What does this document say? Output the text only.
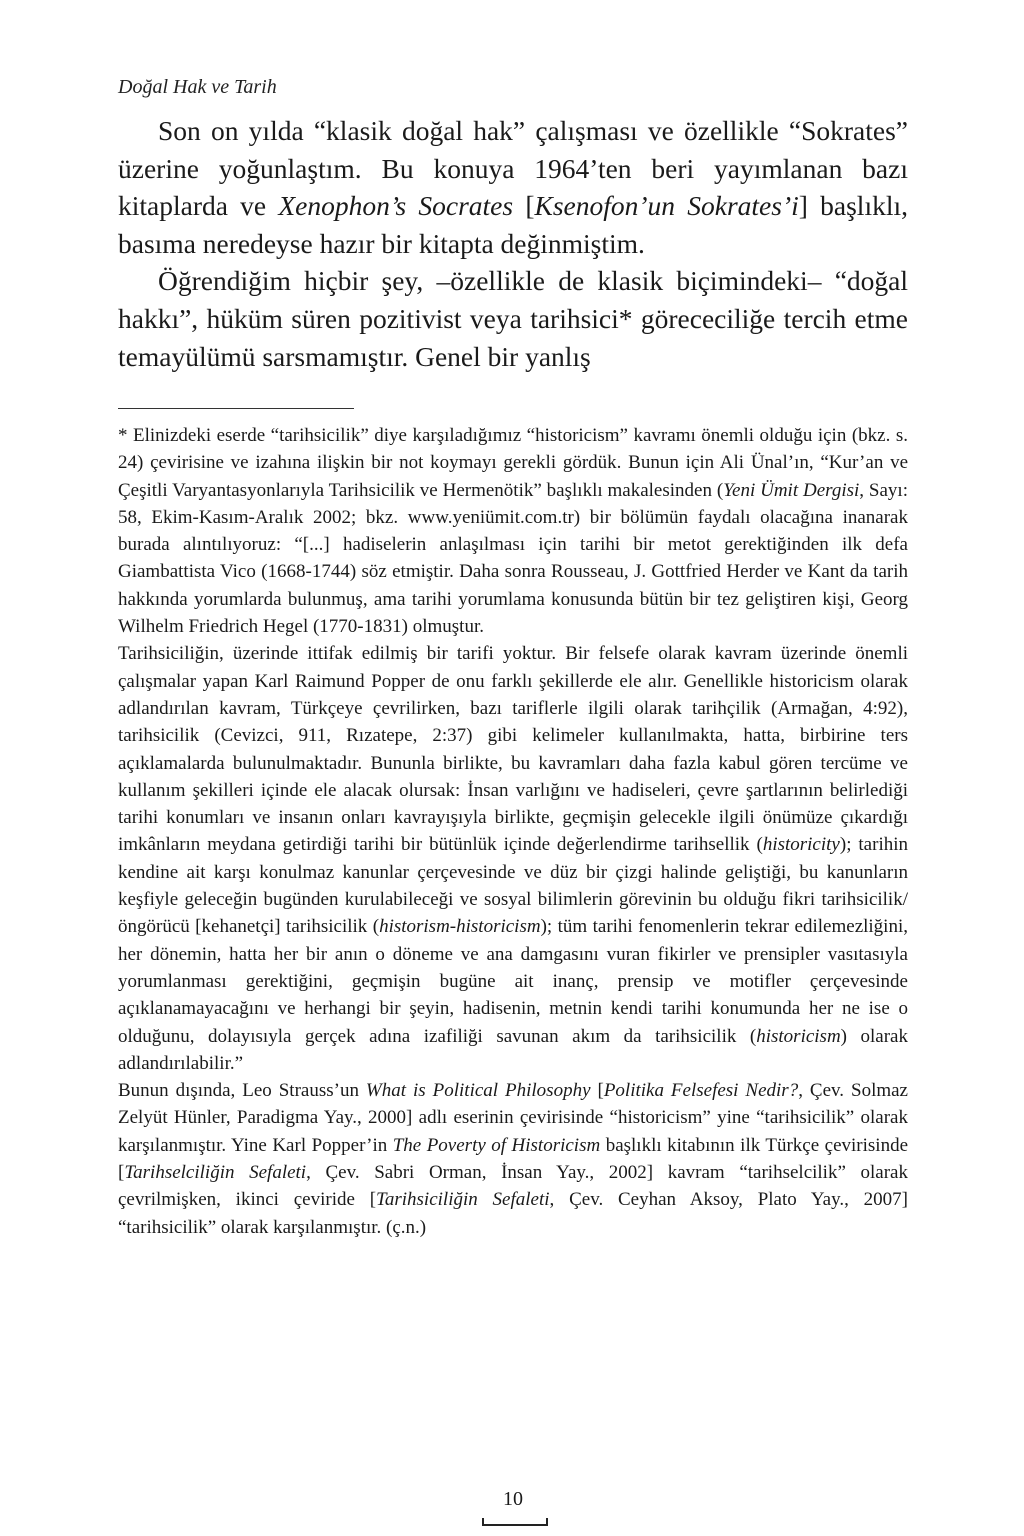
Doğal Hak ve Tarih

Son on yılda “klasik doğal hak” çalışması ve özellikle “Sokrates” üzerine yoğunlaştım. Bu konuya 1964’ten beri yayımlanan bazı kitaplarda ve Xenophon’s Socrates [Ksenofon’un Sokrates’i] başlıklı, basıma neredeyse hazır bir kitapta değinmiştim.

Öğrendiğim hiçbir şey, –özellikle de klasik biçimindeki– “doğal hakkı”, hüküm süren pozitivist veya tarihsici* görececiliğe tercih etme temayülümü sarsmamıştır. Genel bir yanlış

* Elinizdeki eserde “tarihsicilik” diye karşıladığımız “historicism” kavramı önemli olduğu için (bkz. s. 24) çevirisine ve izahına ilişkin bir not koymayı gerekli gördük. Bunun için Ali Ünal’ın, “Kur’an ve Çeşitli Varyantasyonlarıyla Tarihsicilik ve Hermenötik” başlıklı makalesinden (Yeni Ümit Dergisi, Sayı: 58, Ekim-Kasım-Aralık 2002; bkz. www.yeniümit.com.tr) bir bölümün faydalı olacağına inanarak burada alıntılıyoruz: “[...] hadiselerin anlaşılması için tarihi bir metot gerektiğinden ilk defa Giambattista Vico (1668-1744) söz etmiştir. Daha sonra Rousseau, J. Gottfried Herder ve Kant da tarih hakkında yorumlarda bulunmuş, ama tarihi yorumlama konusunda bütün bir tez geliştiren kişi, Georg Wilhelm Friedrich Hegel (1770-1831) olmuştur.

Tarihsiciliğin, üzerinde ittifak edilmiş bir tarifi yoktur. Bir felsefe olarak kavram üzerinde önemli çalışmalar yapan Karl Raimund Popper de onu farklı şekillerde ele alır. Genellikle historicism olarak adlandırılan kavram, Türkçeye çevrilirken, bazı tariflerle ilgili olarak tarihçilik (Armağan, 4:92), tarihsicilik (Cevizci, 911, Rızatepe, 2:37) gibi kelimeler kullanılmakta, hatta, birbirine ters açıklamalarda bulunulmaktadır. Bununla birlikte, bu kavramları daha fazla kabul gören tercüme ve kullanım şekilleri içinde ele alacak olursak: İnsan varlığını ve hadiseleri, çevre şartlarının belirlediği tarihi konumları ve insanın onları kavrayışıyla birlikte, geçmişin gelecekle ilgili önümüze çıkardığı imkânların meydana getirdiği tarihi bir bütünlük içinde değerlendirme tarihsellik (historicity); tarihin kendine ait karşı konulmaz kanunlar çerçevesinde ve düz bir çizgi halinde geliştiği, bu kanunların keşfiyle geleceğin bugünden kurulabileceği ve sosyal bilimlerin görevinin bu olduğu fikri tarihsicilik/öngörücü [kehanetçi] tarihsicilik (historism-historicism); tüm tarihi fenomenlerin tekrar edilemezliğini, her dönemin, hatta her bir anın o döneme ve ana damgasını vuran fikirler ve prensipler vasıtasıyla yorumlanması gerektiğini, geçmişin bugüne ait inanç, prensip ve motifler çerçevesinde açıklanamayacağını ve herhangi bir şeyin, hadisenin, metnin kendi tarihi konumunda her ne ise o olduğunu, dolayısıyla gerçek adına izafiliği savunan akım da tarihsicilik (historicism) olarak adlandırılabilir.”

Bunun dışında, Leo Strauss’un What is Political Philosophy [Politika Felsefesi Nedir?, Çev. Solmaz Zelyüt Hünler, Paradigma Yay., 2000] adlı eserinin çevirisinde “historicism” yine “tarihsicilik” olarak karşılanmıştır. Yine Karl Popper’in The Poverty of Historicism başlıklı kitabının ilk Türkçe çevirisinde [Tarihselciliğin Sefaleti, Çev. Sabri Orman, İnsan Yay., 2002] kavram “tarihselcilik” olarak çevrilmişken, ikinci çeviride [Tarihsiciliğin Sefaleti, Çev. Ceyhan Aksoy, Plato Yay., 2007] “tarihsicilik” olarak karşılanmıştır. (ç.n.)

10
